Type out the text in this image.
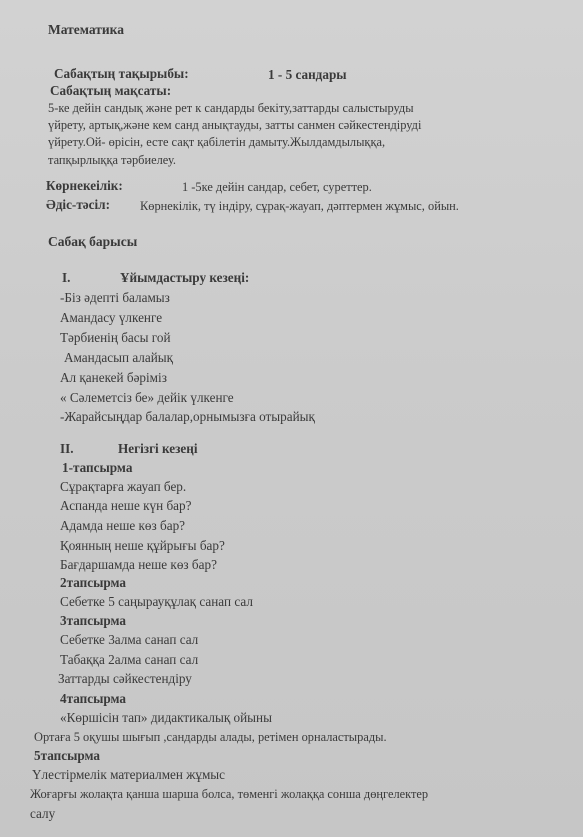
Математика
Сабақтың тақырыбы:	1 - 5 сандары
Сабақтың мақсаты:
5-ке дейін сандық және рет к сандарды бекіту,заттарды салыстыруды
үйрету, артық,және кем санд анықтауды, затты санмен сәйкестендіруді
үйрету.Ой- өрісін, есте сақт қабілетін дамыту.Жылдамдылыққа,
тапқырлыққа тәрбиелеу.
Көрнекеілік:	1 -5ке дейін сандар, себет, суреттер.
Әдіс-тәсіл: Көрнекілік, тү індіру, сұрақ-жауап, дәптермен жұмыс, ойын.
Сабақ барысы
I.	Ұйымдастыру кезеңі:
-Біз әдепті баламыз
Амандасу үлкенге
Тәрбиенің басы гой
Амандасып алайық
Ал қанекей бәріміз
« Сәлеметсіз бе» дейік үлкенге
-Жарайсыңдар балалар,орнымызға отырайық
II.	Негізгі кезеңі
1-тапсырма
Сұрақтарға жауап бер.
Аспанда неше күн бар?
Адамда неше көз бар?
Қоянның неше құйрығы бар?
Бағдаршамда неше көз бар?
2тапсырма
Себетке 5 саңырауқұлақ санап сал
3тапсырма
Себетке 3алма санап сал
Табаққа 2алма санап сал
Заттарды сәйкестендіру
4тапсырма
«Көршісін тап» дидактикалық ойыны
Ортаға 5 оқушы шығып ,сандарды алады, ретімен орналастырады.
5тапсырма
Үлестірмелік материалмен жұмыс
Жоғарғы жолақта қанша шарша болса, төменгі жолаққа сонша дөңгелектер
салу
